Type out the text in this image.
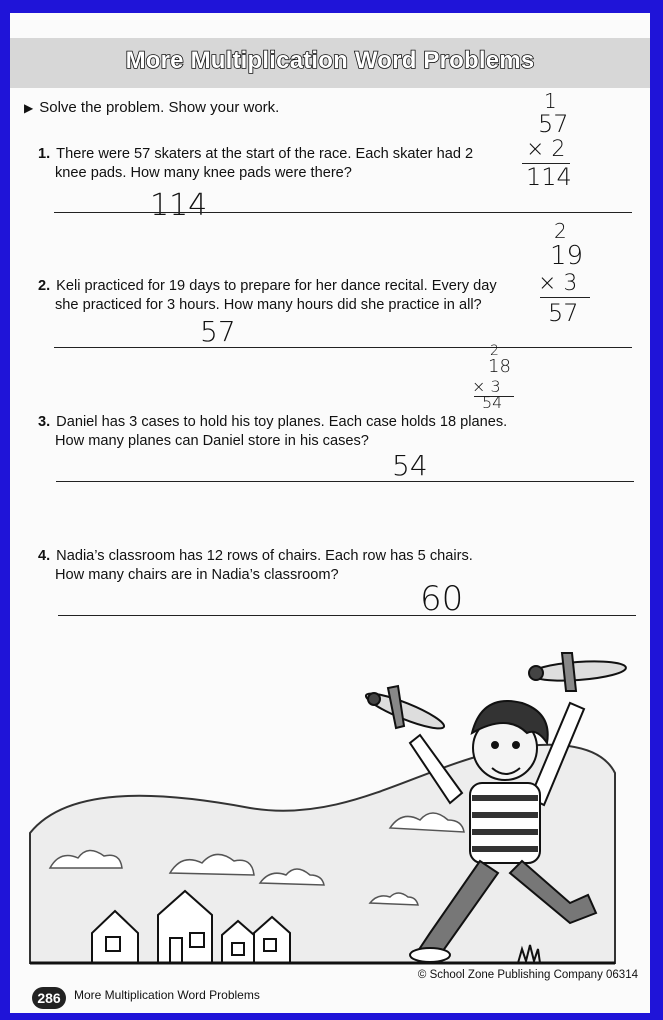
More Multiplication Word Problems
▶ Solve the problem. Show your work.
1. There were 57 skaters at the start of the race. Each skater had 2
knee pads. How many knee pads were there?
1
57
× 2
114
114
2. Keli practiced for 19 days to prepare for her dance recital. Every day
she practiced for 3 hours. How many hours did she practice in all?
2
19
× 3
57
57
3. Daniel has 3 cases to hold his toy planes. Each case holds 18 planes.
How many planes can Daniel store in his cases?
2
18
× 3
54
54
4. Nadia’s classroom has 12 rows of chairs. Each row has 5 chairs.
How many chairs are in Nadia’s classroom?
60
286	More Multiplication Word Problems
© School Zone Publishing Company 06314
